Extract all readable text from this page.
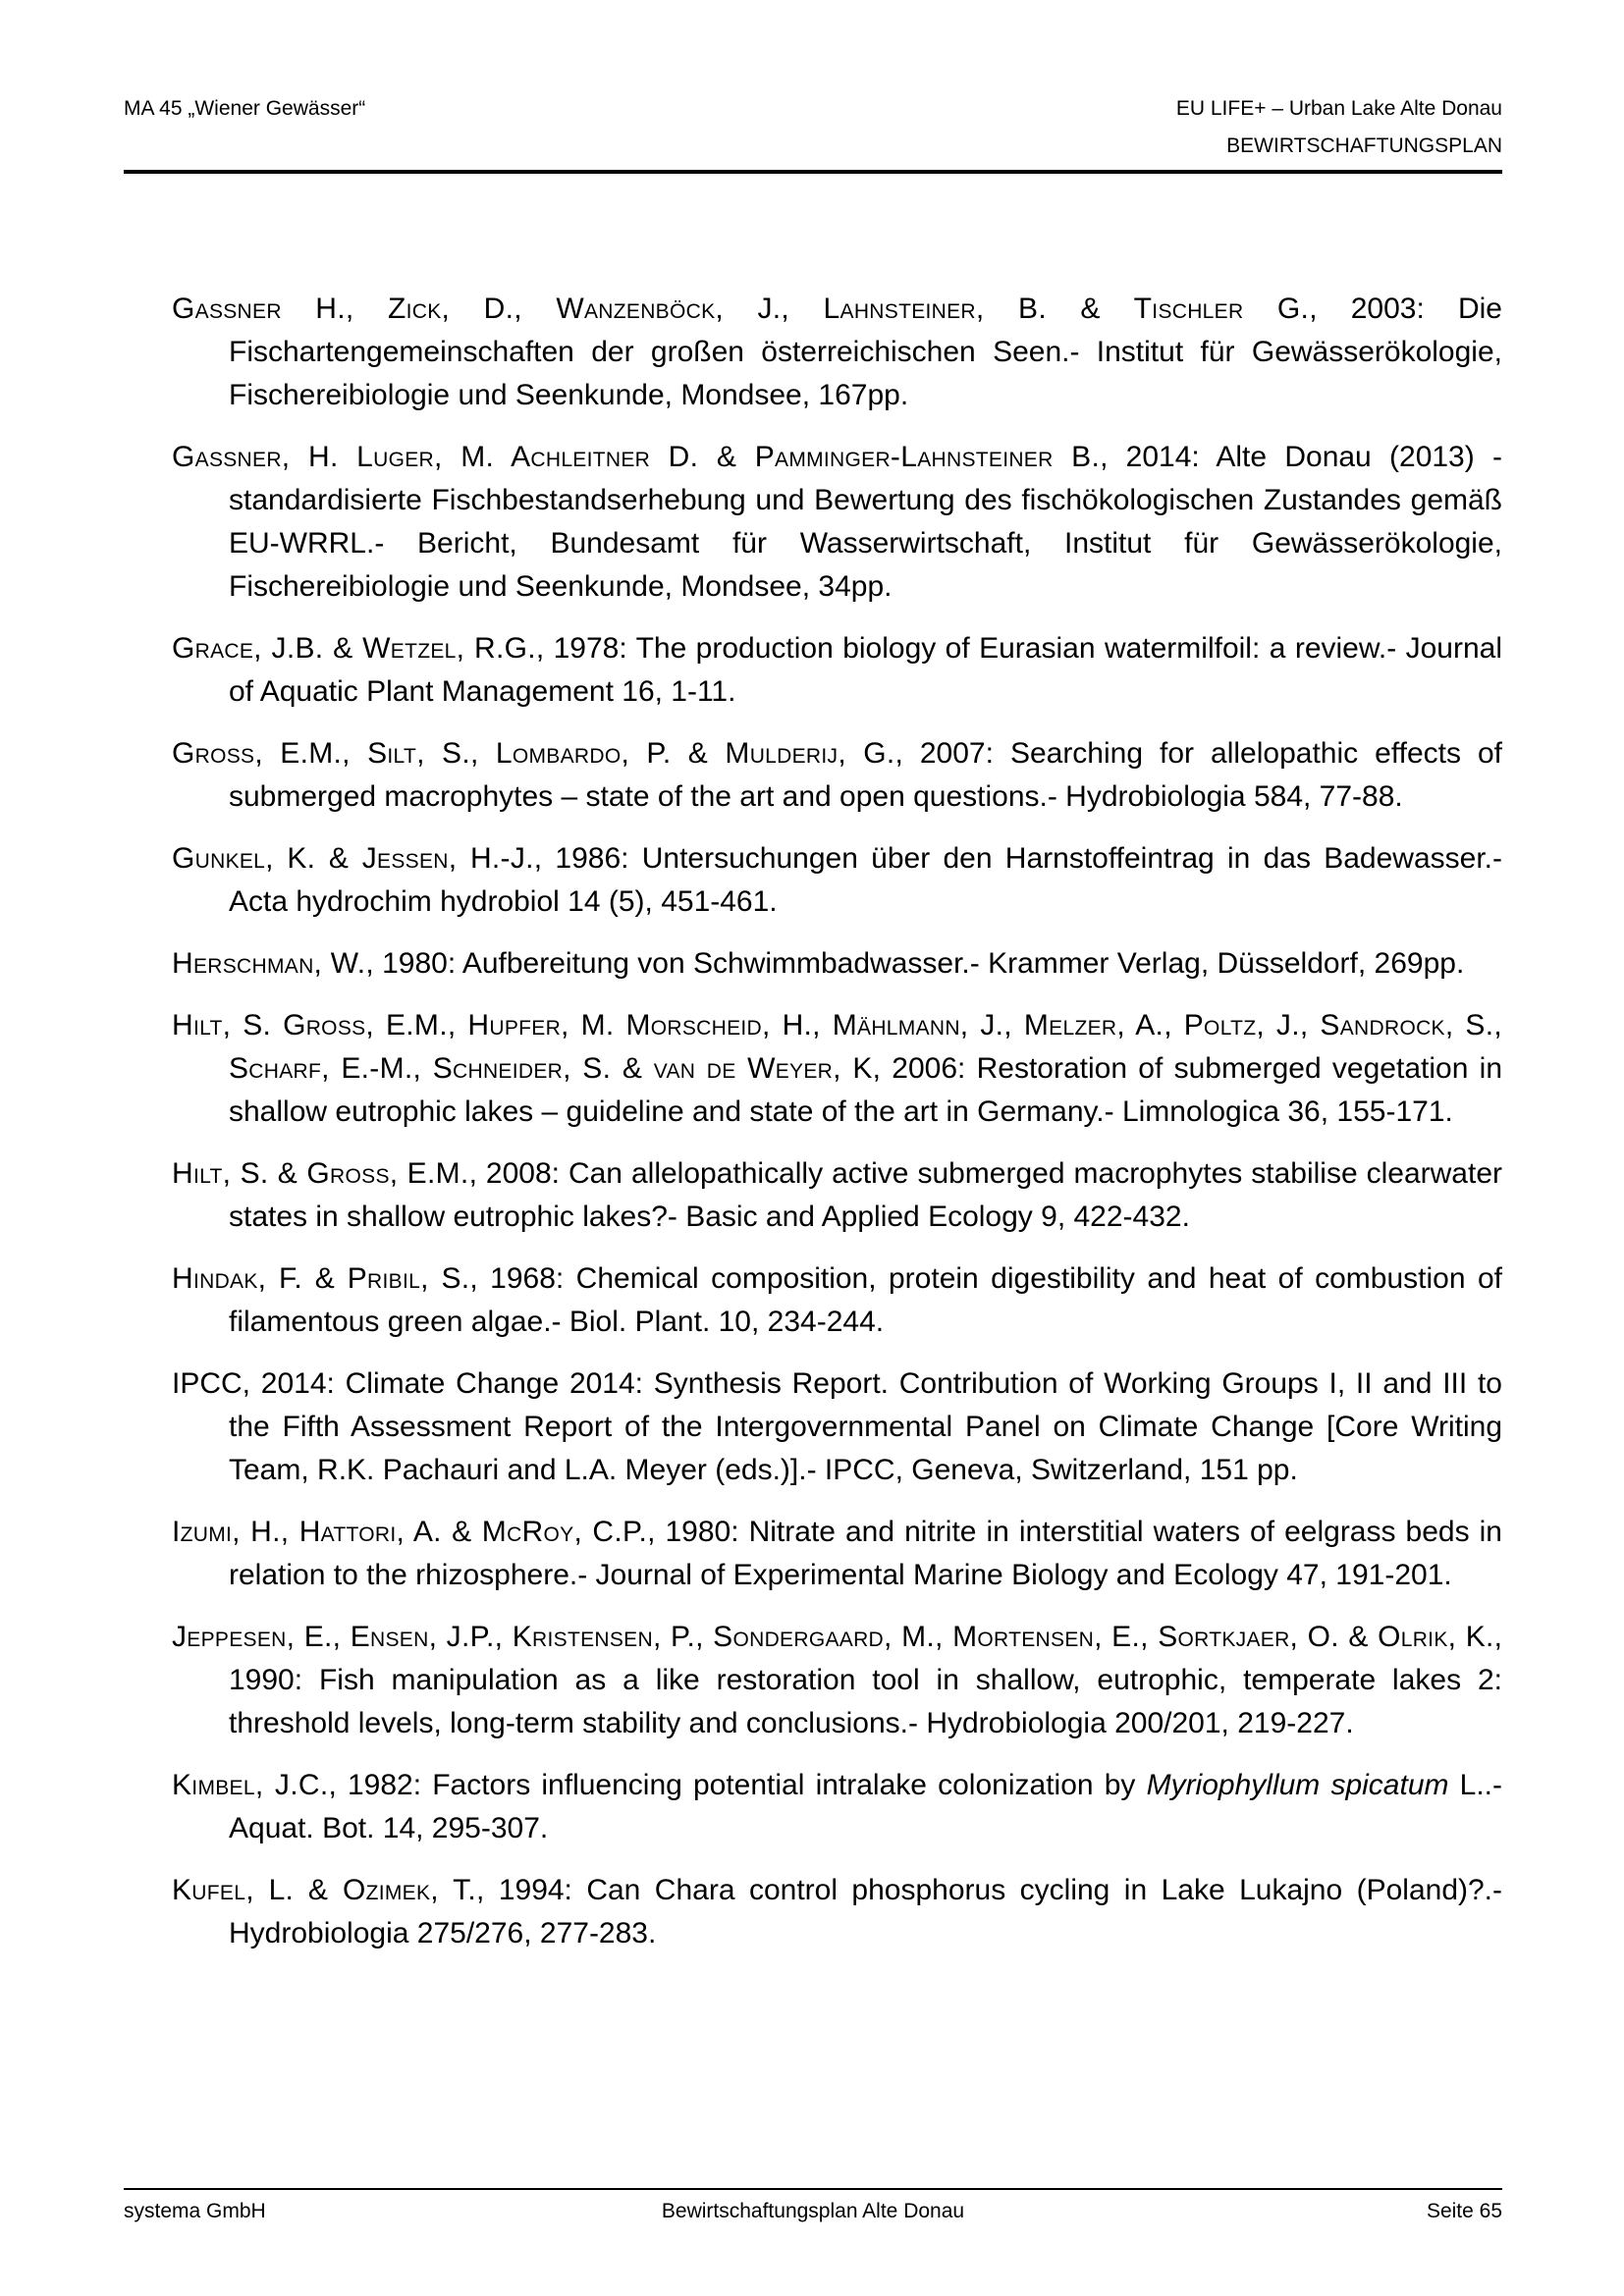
MA 45 „Wiener Gewässer“	EU LIFE+ – Urban Lake Alte Donau
BEWIRTSCHAFTUNGSPLAN

Gassner H., Zick, D., Wanzenböck, J., Lahnsteiner, B. & Tischler G., 2003: Die Fischartengemeinschaften der großen österreichischen Seen.- Institut für Gewässerökologie, Fischereibiologie und Seenkunde, Mondsee, 167pp.

Gassner, H. Luger, M. Achleitner D. & Pamminger-Lahnsteiner B., 2014: Alte Donau (2013) - standardisierte Fischbestandserhebung und Bewertung des fischökologischen Zustandes gemäß EU-WRRL.- Bericht, Bundesamt für Wasserwirtschaft, Institut für Gewässerökologie, Fischereibiologie und Seenkunde, Mondsee, 34pp.

Grace, J.B. & Wetzel, R.G., 1978: The production biology of Eurasian watermilfoil: a review.- Journal of Aquatic Plant Management 16, 1-11.

Gross, E.M., Silt, S., Lombardo, P. & Mulderij, G., 2007: Searching for allelopathic effects of submerged macrophytes – state of the art and open questions.- Hydrobiologia 584, 77-88.

Gunkel, K. & Jessen, H.-J., 1986: Untersuchungen über den Harnstoffeintrag in das Badewasser.- Acta hydrochim hydrobiol 14 (5), 451-461.

Herschman, W., 1980: Aufbereitung von Schwimmbadwasser.- Krammer Verlag, Düsseldorf, 269pp.

Hilt, S. Gross, E.M., Hupfer, M. Morscheid, H., Mählmann, J., Melzer, A., Poltz, J., Sandrock, S., Scharf, E.-M., Schneider, S. & van de Weyer, K, 2006: Restoration of submerged vegetation in shallow eutrophic lakes – guideline and state of the art in Germany.- Limnologica 36, 155-171.

Hilt, S. & Gross, E.M., 2008: Can allelopathically active submerged macrophytes stabilise clearwater states in shallow eutrophic lakes?- Basic and Applied Ecology 9, 422-432.

Hindak, F. & Pribil, S., 1968: Chemical composition, protein digestibility and heat of combustion of filamentous green algae.- Biol. Plant. 10, 234-244.

IPCC, 2014: Climate Change 2014: Synthesis Report. Contribution of Working Groups I, II and III to the Fifth Assessment Report of the Intergovernmental Panel on Climate Change [Core Writing Team, R.K. Pachauri and L.A. Meyer (eds.)].- IPCC, Geneva, Switzerland, 151 pp.

Izumi, H., Hattori, A. & McRoy, C.P., 1980: Nitrate and nitrite in interstitial waters of eelgrass beds in relation to the rhizosphere.- Journal of Experimental Marine Biology and Ecology 47, 191-201.

Jeppesen, E., Ensen, J.P., Kristensen, P., Sondergaard, M., Mortensen, E., Sortkjaer, O. & Olrik, K., 1990: Fish manipulation as a like restoration tool in shallow, eutrophic, temperate lakes 2: threshold levels, long-term stability and conclusions.- Hydrobiologia 200/201, 219-227.

Kimbel, J.C., 1982: Factors influencing potential intralake colonization by Myriophyllum spicatum L..- Aquat. Bot. 14, 295-307.

Kufel, L. & Ozimek, T., 1994: Can Chara control phosphorus cycling in Lake Lukajno (Poland)?.- Hydrobiologia 275/276, 277-283.

systema GmbH	Bewirtschaftungsplan Alte Donau	Seite 65
